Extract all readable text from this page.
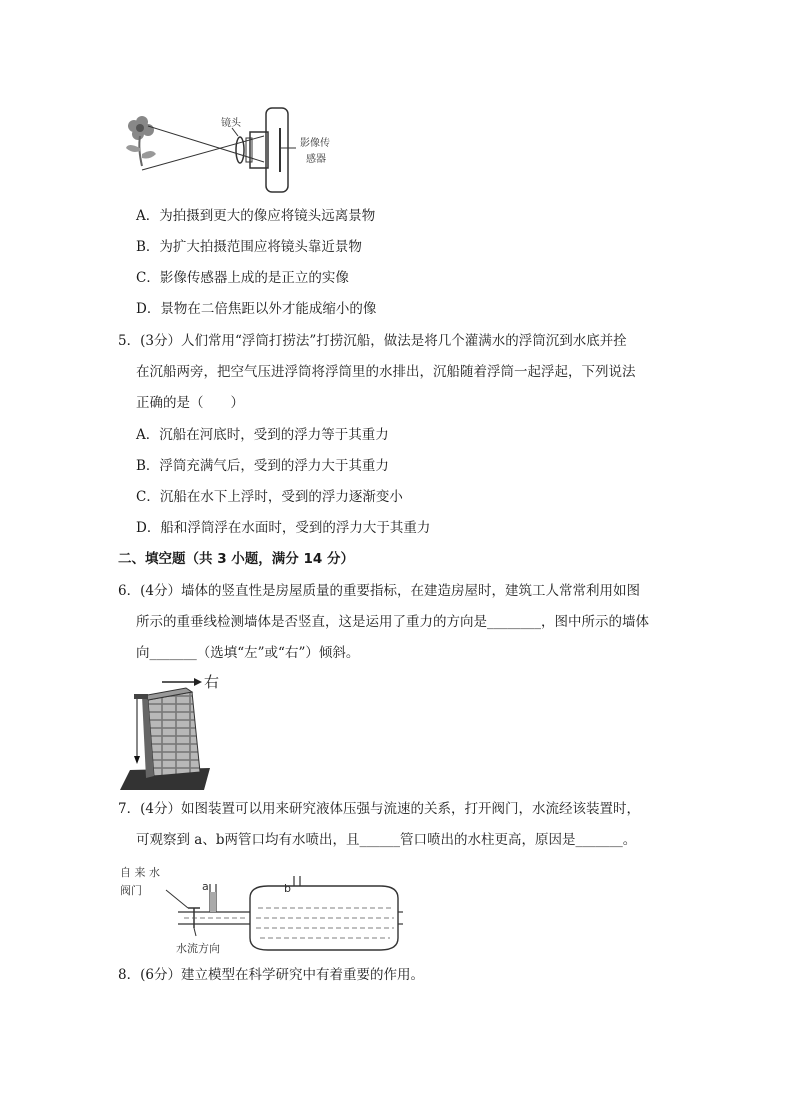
镜头
影像传
感器
A．为拍摄到更大的像应将镜头远离景物
B．为扩大拍摄范围应将镜头靠近景物
C．影像传感器上成的是正立的实像
D．景物在二倍焦距以外才能成缩小的像
5．(3分）人们常用“浮筒打捞法”打捞沉船，做法是将几个灌满水的浮筒沉到水底并拴
在沉船两旁，把空气压进浮筒将浮筒里的水排出，沉船随着浮筒一起浮起，下列说法
正确的是（　　）
A．沉船在河底时，受到的浮力等于其重力
B．浮筒充满气后，受到的浮力大于其重力
C．沉船在水下上浮时，受到的浮力逐渐变小
D．船和浮筒浮在水面时，受到的浮力大于其重力
二、填空题（共 3 小题，满分 14 分）
6．(4分）墙体的竖直性是房屋质量的重要指标，在建造房屋时，建筑工人常常利用如图
所示的重垂线检测墙体是否竖直，这是运用了重力的方向是________，图中所示的墙体
向_______（选填“左”或“右”）倾斜。
右
7．(4分）如图装置可以用来研究液体压强与流速的关系，打开阀门，水流经该装置时，
可观察到 a、b两管口均有水喷出，且______管口喷出的水柱更高，原因是_______。
自 来 水
阀门	a	b
水流方向
8．(6分）建立模型在科学研究中有着重要的作用。
